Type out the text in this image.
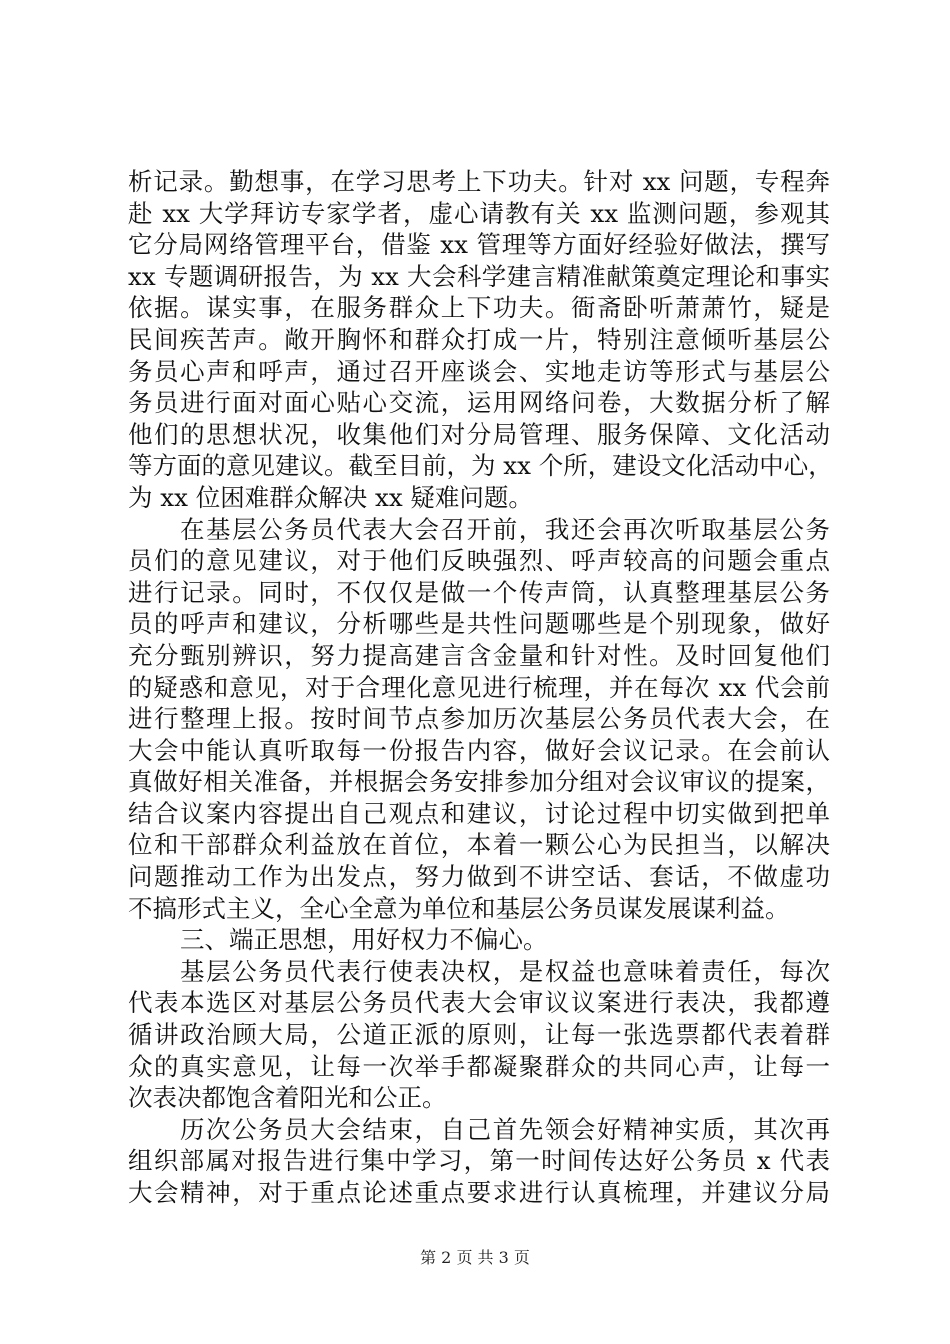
析记录。勤想事，在学习思考上下功夫。针对 xx 问题，专程奔
赴 xx 大学拜访专家学者，虚心请教有关 xx 监测问题，参观其
它分局网络管理平台，借鉴 xx 管理等方面好经验好做法，撰写
xx 专题调研报告，为 xx 大会科学建言精准献策奠定理论和事实
依据。谋实事，在服务群众上下功夫。衙斋卧听萧萧竹，疑是
民间疾苦声。敞开胸怀和群众打成一片，特别注意倾听基层公
务员心声和呼声，通过召开座谈会、实地走访等形式与基层公
务员进行面对面心贴心交流，运用网络问卷，大数据分析了解
他们的思想状况，收集他们对分局管理、服务保障、文化活动
等方面的意见建议。截至目前，为 xx 个所，建设文化活动中心，
为 xx 位困难群众解决 xx 疑难问题。
在基层公务员代表大会召开前，我还会再次听取基层公务
员们的意见建议，对于他们反映强烈、呼声较高的问题会重点
进行记录。同时，不仅仅是做一个传声筒，认真整理基层公务
员的呼声和建议，分析哪些是共性问题哪些是个别现象，做好
充分甄别辨识，努力提高建言含金量和针对性。及时回复他们
的疑惑和意见，对于合理化意见进行梳理，并在每次 xx 代会前
进行整理上报。按时间节点参加历次基层公务员代表大会，在
大会中能认真听取每一份报告内容，做好会议记录。在会前认
真做好相关准备，并根据会务安排参加分组对会议审议的提案，
结合议案内容提出自己观点和建议，讨论过程中切实做到把单
位和干部群众利益放在首位，本着一颗公心为民担当，以解决
问题推动工作为出发点，努力做到不讲空话、套话，不做虚功
不搞形式主义，全心全意为单位和基层公务员谋发展谋利益。
三、端正思想，用好权力不偏心。
基层公务员代表行使表决权，是权益也意味着责任，每次
代表本选区对基层公务员代表大会审议议案进行表决，我都遵
循讲政治顾大局，公道正派的原则，让每一张选票都代表着群
众的真实意见，让每一次举手都凝聚群众的共同心声，让每一
次表决都饱含着阳光和公正。
历次公务员大会结束，自己首先领会好精神实质，其次再
组织部属对报告进行集中学习，第一时间传达好公务员 x 代表
大会精神，对于重点论述重点要求进行认真梳理，并建议分局
第 2 页 共 3 页
